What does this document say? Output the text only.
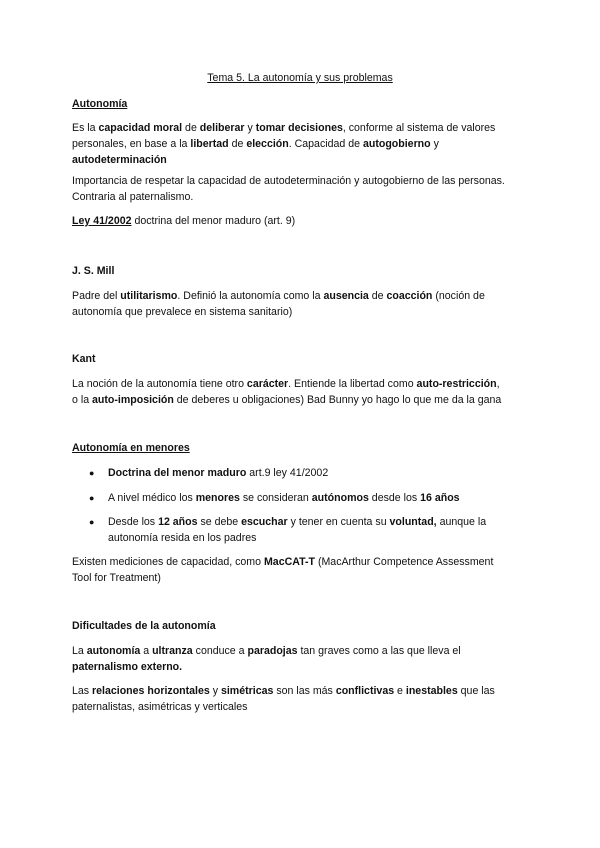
Tema 5. La autonomía y sus problemas
Autonomía
Es la capacidad moral de deliberar y tomar decisiones, conforme al sistema de valores
personales, en base a la libertad de elección. Capacidad de autogobierno y
autodeterminación
Importancia de respetar la capacidad de autodeterminación y autogobierno de las personas.
Contraria al paternalismo.
Ley 41/2002 doctrina del menor maduro (art. 9)
J. S. Mill
Padre del utilitarismo. Definió la autonomía como la ausencia de coacción (noción de
autonomía que prevalece en sistema sanitario)
Kant
La noción de la autonomía tiene otro carácter. Entiende la libertad como auto-restricción,
o la auto-imposición de deberes u obligaciones) Bad Bunny yo hago lo que me da la gana
Autonomía en menores
●	Doctrina del menor maduro art.9 ley 41/2002
●	A nivel médico los menores se consideran autónomos desde los 16 años
●	Desde los 12 años se debe escuchar y tener en cuenta su voluntad, aunque la
autonomía resida en los padres
Existen mediciones de capacidad, como MacCAT-T (MacArthur Competence Assessment
Tool for Treatment)
Dificultades de la autonomía
La autonomía a ultranza conduce a paradojas tan graves como a las que lleva el
paternalismo externo.
Las relaciones horizontales y simétricas son las más conflictivas e inestables que las
paternalistas, asimétricas y verticales
